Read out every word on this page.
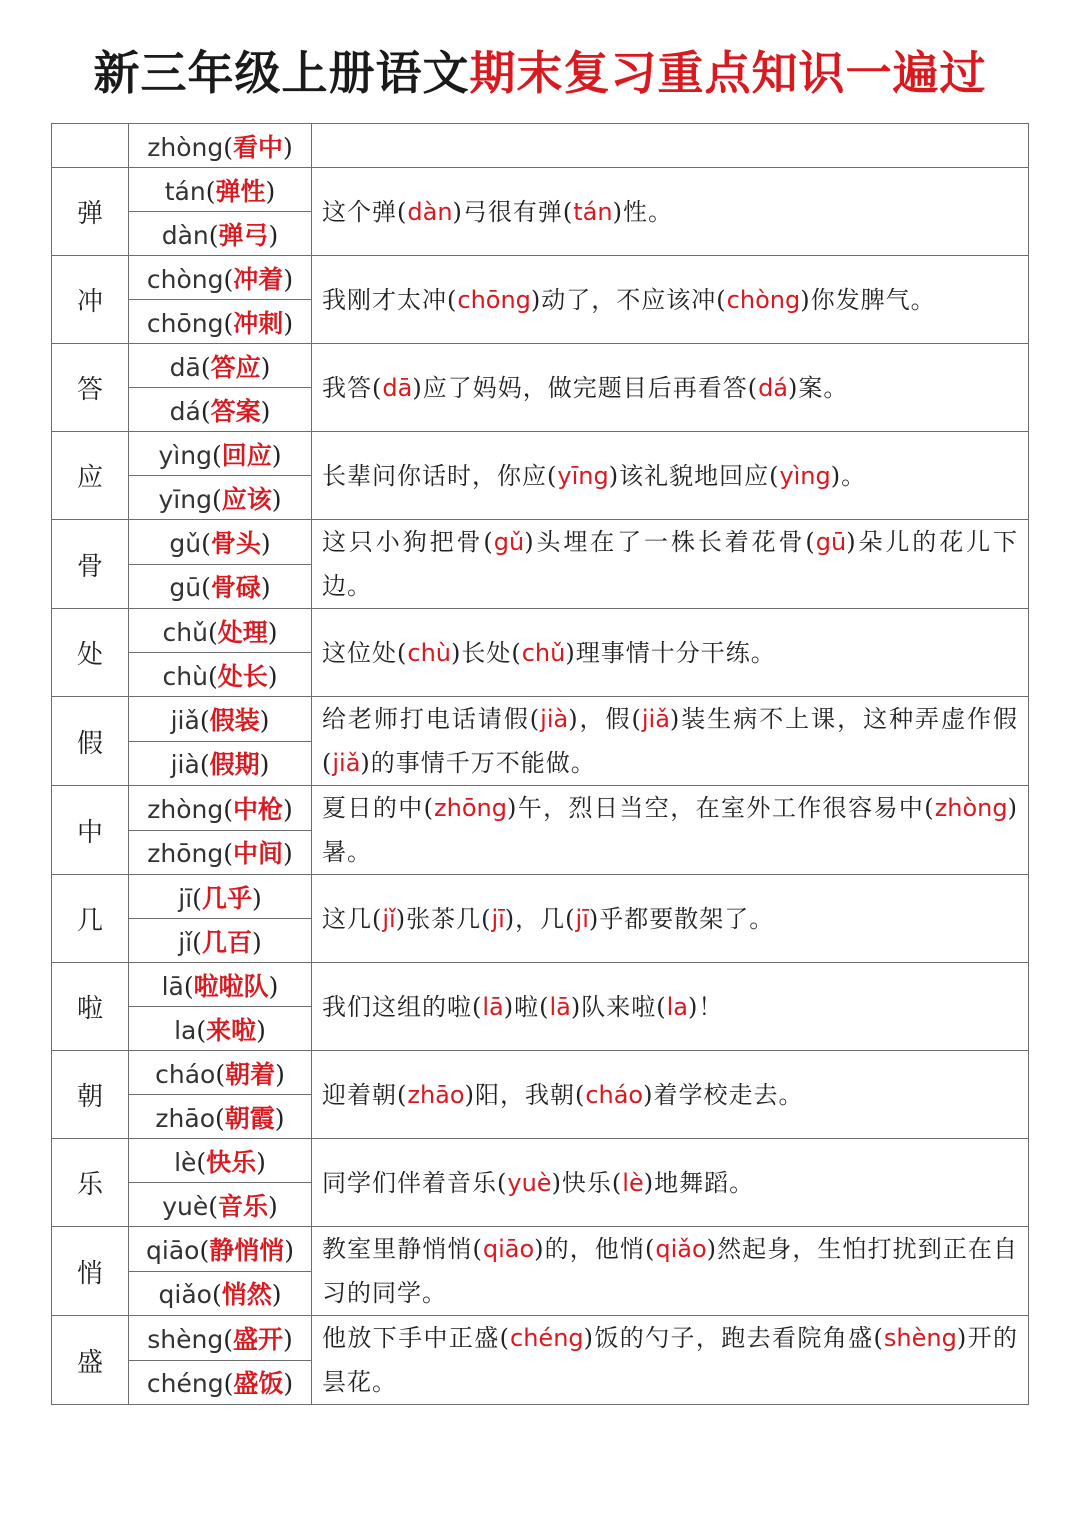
新三年级上册语文期末复习重点知识一遍过
	zhòng(看中)	
弹	tán(弹性)	这个弹(dàn)弓很有弹(tán)性。
	dàn(弹弓)	
冲	chòng(冲着)	我刚才太冲(chōng)动了，不应该冲(chòng)你发脾气。
	chōng(冲刺)	
答	dā(答应)	我答(dā)应了妈妈，做完题目后再看答(dá)案。
	dá(答案)	
应	yìng(回应)	长辈问你话时，你应(yīng)该礼貌地回应(yìng)。
	yīng(应该)	
骨	gǔ(骨头)	这只小狗把骨(gǔ)头埋在了一株长着花骨(gū)朵儿的花儿下边。
	gū(骨碌)	
处	chǔ(处理)	这位处(chù)长处(chǔ)理事情十分干练。
	chù(处长)	
假	jiǎ(假装)	给老师打电话请假(jià)，假(jiǎ)装生病不上课，这种弄虚作假(jiǎ)的事情千万不能做。
	jià(假期)	
中	zhòng(中枪)	夏日的中(zhōng)午，烈日当空，在室外工作很容易中(zhòng)暑。
	zhōng(中间)	
几	jī(几乎)	这几(jǐ)张茶几(jī)，几(jī)乎都要散架了。
	jǐ(几百)	
啦	lā(啦啦队)	我们这组的啦(lā)啦(lā)队来啦(la)！
	la(来啦)	
朝	cháo(朝着)	迎着朝(zhāo)阳，我朝(cháo)着学校走去。
	zhāo(朝霞)	
乐	lè(快乐)	同学们伴着音乐(yuè)快乐(lè)地舞蹈。
	yuè(音乐)	
悄	qiāo(静悄悄)	教室里静悄悄(qiāo)的，他悄(qiǎo)然起身，生怕打扰到正在自习的同学。
	qiǎo(悄然)	
盛	shèng(盛开)	他放下手中正盛(chéng)饭的勺子，跑去看院角盛(shèng)开的昙花。
	chéng(盛饭)	
